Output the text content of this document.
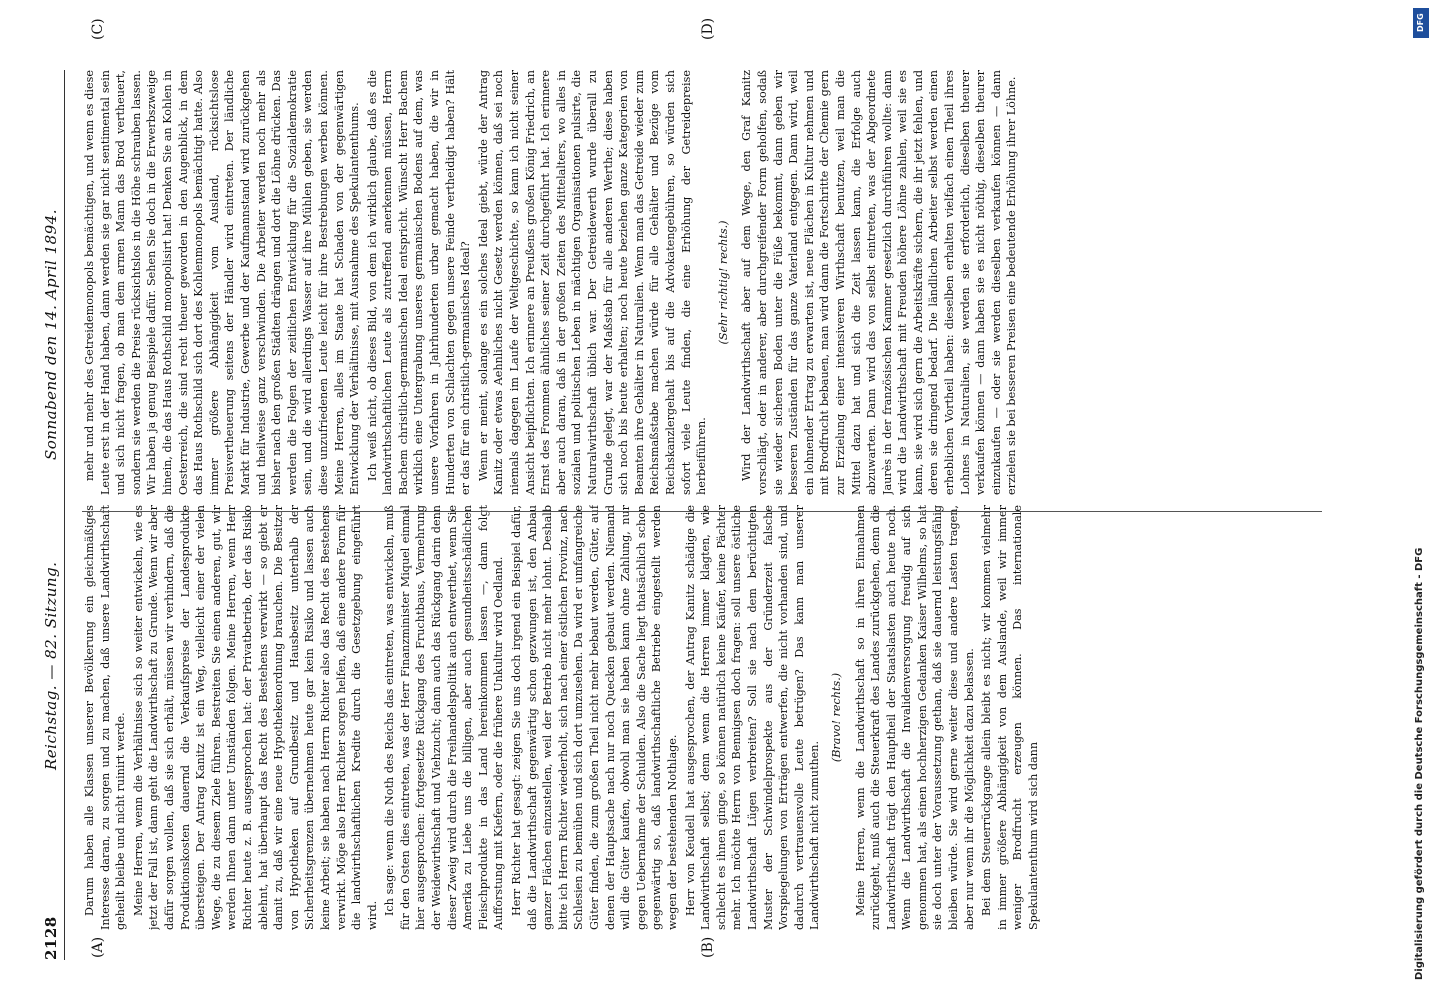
2128
Reichstag. — 82. Sitzung.
Sonnabend den 14. April 1894.
(A)	(B)
(C)	(D)

Darum haben alle Klassen unserer Bevölkerung ein gleichmäßiges Interesse daran, zu sorgen und zu machen, daß unsere Landwirthschaft geheilt bleibe und nicht ruinirt werde. Meine Herren, wenn die Verhältnisse sich so weiter entwickeln, wie es jetzt der Fall ist, dann geht die Landwirthschaft zu Grunde. Wenn wir aber dafür sorgen wollen, daß sie sich erhält, müssen wir verhindern, daß die Produktionskosten dauernd die Verkaufspreise der Landesprodukte übersteigen. Der Antrag Kanitz ist ein Weg, vielleicht einer der vielen Wege, die zu diesem Ziele führen. Bestreiten Sie einen anderen, gut, wir werden Ihnen dann unter Umständen folgen. Meine Herren, wenn Herr Richter heute z. B. ausgesprochen hat: der Privatbetrieb, der das Risiko ablehnt, hat überhaupt das Recht des Bestehens verwirkt — so giebt er damit zu, daß wir eine neue Hypothekenordnung brauchen. Die Besitzer von Hypotheken auf Grundbesitz und Hausbesitz unterhalb der Sicherheitsgrenzen übernehmen heute gar kein Risiko und lassen auch keine Arbeit; sie haben nach Herrn Richter also das Recht des Bestehens verwirkt. Möge also Herr Richter sorgen helfen, daß eine andere Form für die landwirthschaftlichen Kredite durch die Gesetzgebung eingeführt wird. Ich sage: wenn die Noth des Reichs das eintreten, was entwickeln, muß für den Osten dies eintreten, was der Herr Finanzminister Miquel einmal hier ausgesprochen: fortgesetzte Rückgang des Fruchtbaus, Vermehrung der Weidewirthschaft und Viehzucht; dann auch das Rückgang darin denn dieser Zweig wird durch die Freihandelspolitik auch entwerthet, wenn Sie Amerika zu Liebe uns die billigen, aber auch gesundheitsschädlichen Fleischprodukte in das Land hereinkommen lassen —, dann folgt Aufforstung mit Kiefern, oder die frühere Unkultur wird Oedland. Herr Richter hat gesagt: zeigen Sie uns doch irgend ein Beispiel dafür, daß die Landwirthschaft gegenwärtig schon gezwungen ist, den Anbau ganzer Flächen einzustellen, weil der Betrieb nicht mehr lohnt. Deshalb bitte ich Herrn Richter wiederholt, sich nach einer östlichen Provinz, nach Schlesien zu bemühen und sich dort umzusehen. Da wird er umfangreiche Güter finden, die zum großen Theil nicht mehr bebaut werden, Güter, auf denen der Hauptsache nach nur noch Quecken gebaut werden. Niemand will die Güter kaufen, obwohl man sie haben kann ohne Zahlung, nur gegen Uebernahme der Schulden. Also die Sache liegt thatsächlich schon gegenwärtig so, daß landwirthschaftliche Betriebe eingestellt werden wegen der bestehenden Nothlage. Herr von Keudell hat ausgesprochen, der Antrag Kanitz schädige die Landwirthschaft selbst; denn wenn die Herren immer klagten, wie schlecht es ihnen ginge, so können natürlich keine Käufer, keine Pächter mehr. Ich möchte Herrn von Bennigsen doch fragen: soll unsere östliche Landwirthschaft Lügen verbreiten? Soll sie nach dem berüchtigten Muster der Schwindelprospekte aus der Gründerzeit falsche Vorspiegelungen von Erträgen entwerfen, die nicht vorhanden sind, und dadurch vertrauensvolle Leute betrügen? Das kann man unserer Landwirthschaft nicht zumuthen.

(Bravo! rechts.) Meine Herren, wenn die Landwirthschaft so in ihren Einnahmen zurückgeht, muß auch die Steuerkraft des Landes zurückgehen, denn die Landwirthschaft trägt den Hauptheil der Staatslasten auch heute noch. Wenn die Landwirthschaft die Invalidenversorgung freudig auf sich genommen hat, als einen hochherzigen Gedanken Kaiser Wilhelms, so hat sie doch unter der Voraussetzung gethan, daß sie dauernd leistungsfähig bleiben würde. Sie wird gerne weiter diese und andere Lasten tragen, aber nur wenn ihr die Möglichkeit dazu belassen. Bei dem Steuerrückgange allein bleibt es nicht; wir kommen vielmehr in immer größere Abhängigkeit von dem Auslande, weil wir immer weniger Brodfrucht erzeugen können. Das internationale Spekulantenthum wird sich dann

mehr und mehr des Getreidemonopols bemächtigen, und wenn es diese Leute erst in der Hand haben, dann werden sie gar nicht sentimental sein und sich nicht fragen, ob man dem armen Mann das Brod vertheuert, sondern sie werden die Preise rücksichtslos in die Höhe schrauben lassen. Wir haben ja genug Beispiele dafür. Sehen Sie doch in die Erwerbszweige hinein, die das Haus Rothschild monopolisirt hat! Denken Sie an Kohlen in Oesterreich, die sind recht theuer geworden in den Augenblick, in dem das Haus Rothschild sich dort des Kohlenmonopols bemächtigt hatte. Also immer größere Abhängigkeit vom Ausland, rücksichtslose Preisvertheuerung seitens der Händler wird eintreten. Der ländliche Markt für Industrie, Gewerbe und der Kaufmannstand wird zurückgehen und theilweise ganz verschwinden. Die Arbeiter werden noch mehr als bisher nach den großen Städten drängen und dort die Löhne drücken. Das werden die Folgen der zeitlichen Entwicklung für die Sozialdemokratie sein, und die wird allerdings Wasser auf ihre Mühlen geben, sie werden diese unzufriedenen Leute leicht für ihre Bestrebungen werben können. Meine Herren, alles im Staate hat Schaden von der gegenwärtigen Entwicklung der Verhältnisse, mit Ausnahme des Spekulantenthums. Ich weiß nicht, ob dieses Bild, von dem ich wirklich glaube, daß es die landwirthschaftlichen Leute als zutreffend anerkennen müssen, Herrn Bachem christlich-germanischen Ideal entspricht. Wünscht Herr Bachem wirklich eine Untergrabung unseres germanischen Bodens auf dem, was unsere Vorfahren in Jahrhunderten urbar gemacht haben, die wir in Hunderten von Schlachten gegen unsere Feinde vertheidigt haben? Hält er das für ein christlich-germanisches Ideal? Wenn er meint, solange es ein solches Ideal giebt, würde der Antrag Kanitz oder etwas Aehnliches nicht Gesetz werden können, daß sei noch niemals dagegen im Laufe der Weltgeschichte, so kann ich nicht seiner Ansicht beipflichten. Ich erinnere an Preußens großen König Friedrich, an Ernst des Frommen ähnliches seiner Zeit durchgeführt hat. Ich erinnere aber auch daran, daß in der großen Zeiten des Mittelalters, wo alles in sozialen und politischen Leben in mächtigen Organisationen pulsirte, die Naturalwirthschaft üblich war. Der Getreidewerth wurde überall zu Grunde gelegt, war der Maßstab für alle anderen Werthe; diese haben sich noch bis heute erhalten; noch heute beziehen ganze Kategorien von Beamten ihre Gehälter in Naturalien. Wenn man das Getreide wieder zum Reichsmaßstabe machen würde für alle Gehälter und Bezüge vom Reichskanzlergehalt bis auf die Advokatengebühren, so würden sich sofort viele Leute finden, die eine Erhöhung der Getreidepreise herbeiführen.

(Sehr richtig! rechts.) Wird der Landwirthschaft aber auf dem Wege, den Graf Kanitz vorschlägt, oder in anderer, aber durchgreifender Form geholfen, sodaß sie wieder sicheren Boden unter die Füße bekommt, dann geben wir besseren Zuständen für das ganze Vaterland entgegen. Dann wird, weil ein lohnender Ertrag zu erwarten ist, neue Flächen in Kultur nehmen und mit Brodfrucht bebauen, man wird dann die Fortschritte der Chemie gern zur Erzielung einer intensiveren Wirthschaft benutzen, weil man die Mittel dazu hat und sich die Zeit lassen kann, die Erfolge auch abzuwarten. Dann wird das von selbst eintreten, was der Abgeordnete Jaurès in der französischen Kammer gesetzlich durchführen wollte: dann wird die Landwirthschaft mit Freuden höhere Löhne zahlen, weil sie es kann, sie wird sich gern die Arbeitskräfte sichern, die ihr jetzt fehlen, und deren sie dringend bedarf. Die ländlichen Arbeiter selbst werden einen erheblichen Vortheil haben: dieselben erhalten vielfach einen Theil ihres Lohnes in Naturalien, sie werden sie erforderlich, dieselben theurer verkaufen können — dann haben sie es nicht nöthig, dieselben theurer einzukaufen — oder sie werden dieselben verkaufen können — dann erzielen sie bei besseren Preisen eine bedeutende Erhöhung ihrer Löhne.

DFG
Digitalisierung gefördert durch die Deutsche Forschungsgemeinschaft - DFG
